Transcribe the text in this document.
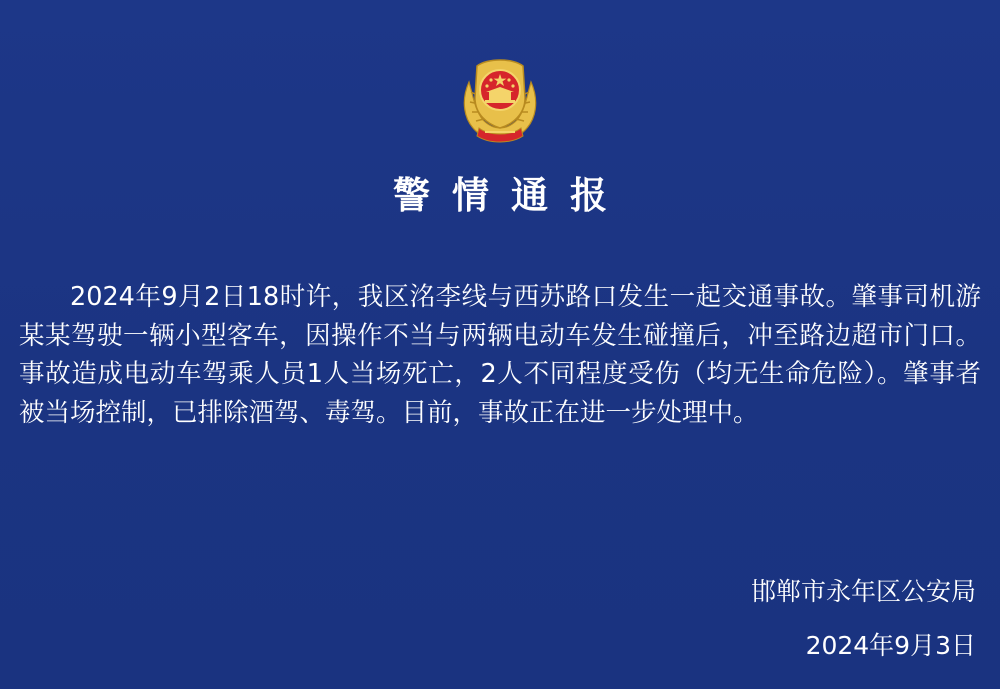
警情通报

2024年9月2日18时许，我区洺李线与西苏路口发生一起交通事故。肇事司机游某某驾驶一辆小型客车，因操作不当与两辆电动车发生碰撞后，冲至路边超市门口。事故造成电动车驾乘人员1人当场死亡，2人不同程度受伤（均无生命危险）。肇事者被当场控制，已排除酒驾、毒驾。目前，事故正在进一步处理中。

邯郸市永年区公安局
2024年9月3日
